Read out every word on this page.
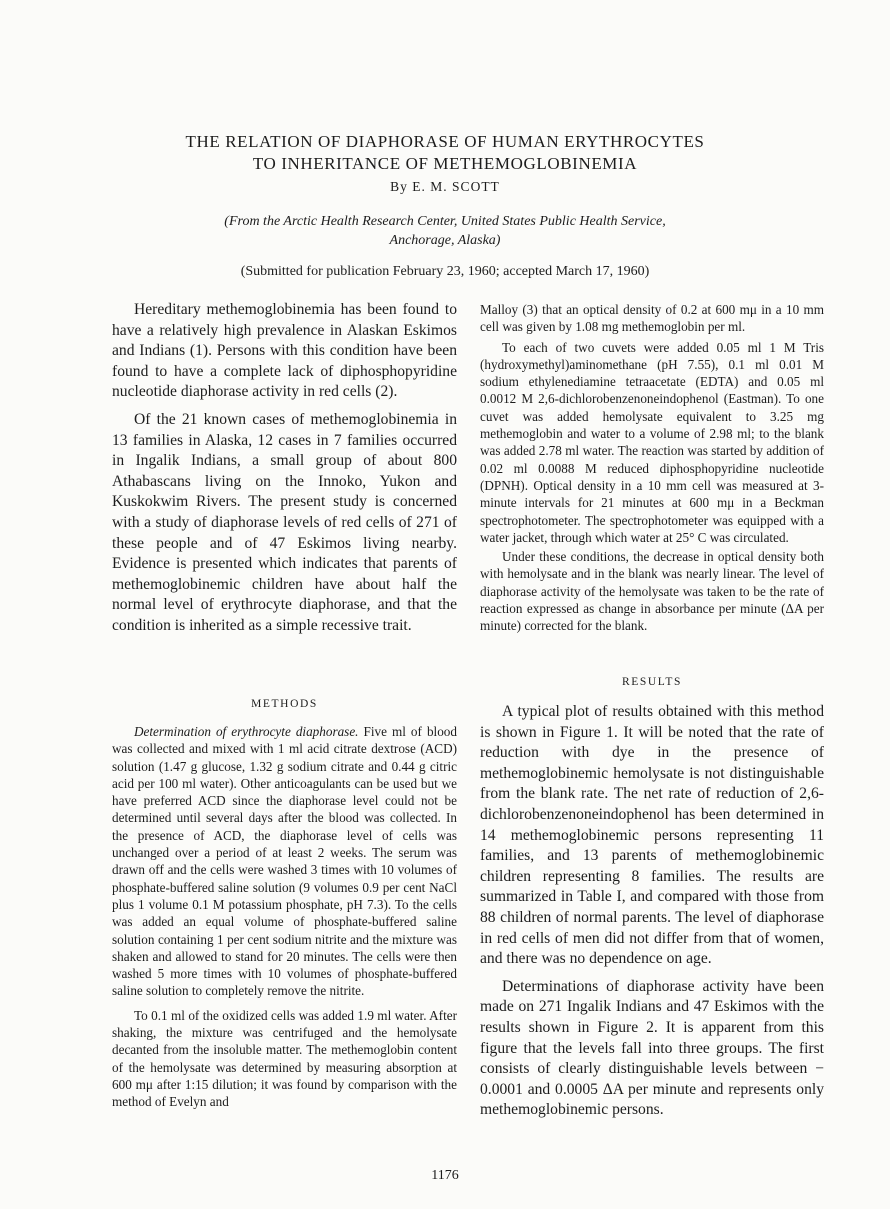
THE RELATION OF DIAPHORASE OF HUMAN ERYTHROCYTES
TO INHERITANCE OF METHEMOGLOBINEMIA
By E. M. SCOTT
(From the Arctic Health Research Center, United States Public Health Service,
Anchorage, Alaska)
(Submitted for publication February 23, 1960; accepted March 17, 1960)

Hereditary methemoglobinemia has been found to have a relatively high prevalence in Alaskan Eskimos and Indians (1). Persons with this condition have been found to have a complete lack of diphosphopyridine nucleotide diaphorase activity in red cells (2).

Of the 21 known cases of methemoglobinemia in 13 families in Alaska, 12 cases in 7 families occurred in Ingalik Indians, a small group of about 800 Athabascans living on the Innoko, Yukon and Kuskokwim Rivers. The present study is concerned with a study of diaphorase levels of red cells of 271 of these people and of 47 Eskimos living nearby. Evidence is presented which indicates that parents of methemoglobinemic children have about half the normal level of erythrocyte diaphorase, and that the condition is inherited as a simple recessive trait.

METHODS

Determination of erythrocyte diaphorase. Five ml of blood was collected and mixed with 1 ml acid citrate dextrose (ACD) solution (1.47 g glucose, 1.32 g sodium citrate and 0.44 g citric acid per 100 ml water). Other anticoagulants can be used but we have preferred ACD since the diaphorase level could not be determined until several days after the blood was collected. In the presence of ACD, the diaphorase level of cells was unchanged over a period of at least 2 weeks. The serum was drawn off and the cells were washed 3 times with 10 volumes of phosphate-buffered saline solution (9 volumes 0.9 per cent NaCl plus 1 volume 0.1 M potassium phosphate, pH 7.3). To the cells was added an equal volume of phosphate-buffered saline solution containing 1 per cent sodium nitrite and the mixture was shaken and allowed to stand for 20 minutes. The cells were then washed 5 more times with 10 volumes of phosphate-buffered saline solution to completely remove the nitrite.

To 0.1 ml of the oxidized cells was added 1.9 ml water. After shaking, the mixture was centrifuged and the hemolysate decanted from the insoluble matter. The methemoglobin content of the hemolysate was determined by measuring absorption at 600 mμ after 1:15 dilution; it was found by comparison with the method of Evelyn and

Malloy (3) that an optical density of 0.2 at 600 mμ in a 10 mm cell was given by 1.08 mg methemoglobin per ml.

To each of two cuvets were added 0.05 ml 1 M Tris (hydroxymethyl)aminomethane (pH 7.55), 0.1 ml 0.01 M sodium ethylenediamine tetraacetate (EDTA) and 0.05 ml 0.0012 M 2,6-dichlorobenzenoneindophenol (Eastman). To one cuvet was added hemolysate equivalent to 3.25 mg methemoglobin and water to a volume of 2.98 ml; to the blank was added 2.78 ml water. The reaction was started by addition of 0.02 ml 0.0088 M reduced diphosphopyridine nucleotide (DPNH). Optical density in a 10 mm cell was measured at 3-minute intervals for 21 minutes at 600 mμ in a Beckman spectrophotometer. The spectrophotometer was equipped with a water jacket, through which water at 25° C was circulated.

Under these conditions, the decrease in optical density both with hemolysate and in the blank was nearly linear. The level of diaphorase activity of the hemolysate was taken to be the rate of reaction expressed as change in absorbance per minute (ΔA per minute) corrected for the blank.

RESULTS

A typical plot of results obtained with this method is shown in Figure 1. It will be noted that the rate of reduction with dye in the presence of methemoglobinemic hemolysate is not distinguishable from the blank rate. The net rate of reduction of 2,6-dichlorobenzenoneindophenol has been determined in 14 methemoglobinemic persons representing 11 families, and 13 parents of methemoglobinemic children representing 8 families. The results are summarized in Table I, and compared with those from 88 children of normal parents. The level of diaphorase in red cells of men did not differ from that of women, and there was no dependence on age.

Determinations of diaphorase activity have been made on 271 Ingalik Indians and 47 Eskimos with the results shown in Figure 2. It is apparent from this figure that the levels fall into three groups. The first consists of clearly distinguishable levels between − 0.0001 and 0.0005 ΔA per minute and represents only methemoglobinemic persons.

1176
